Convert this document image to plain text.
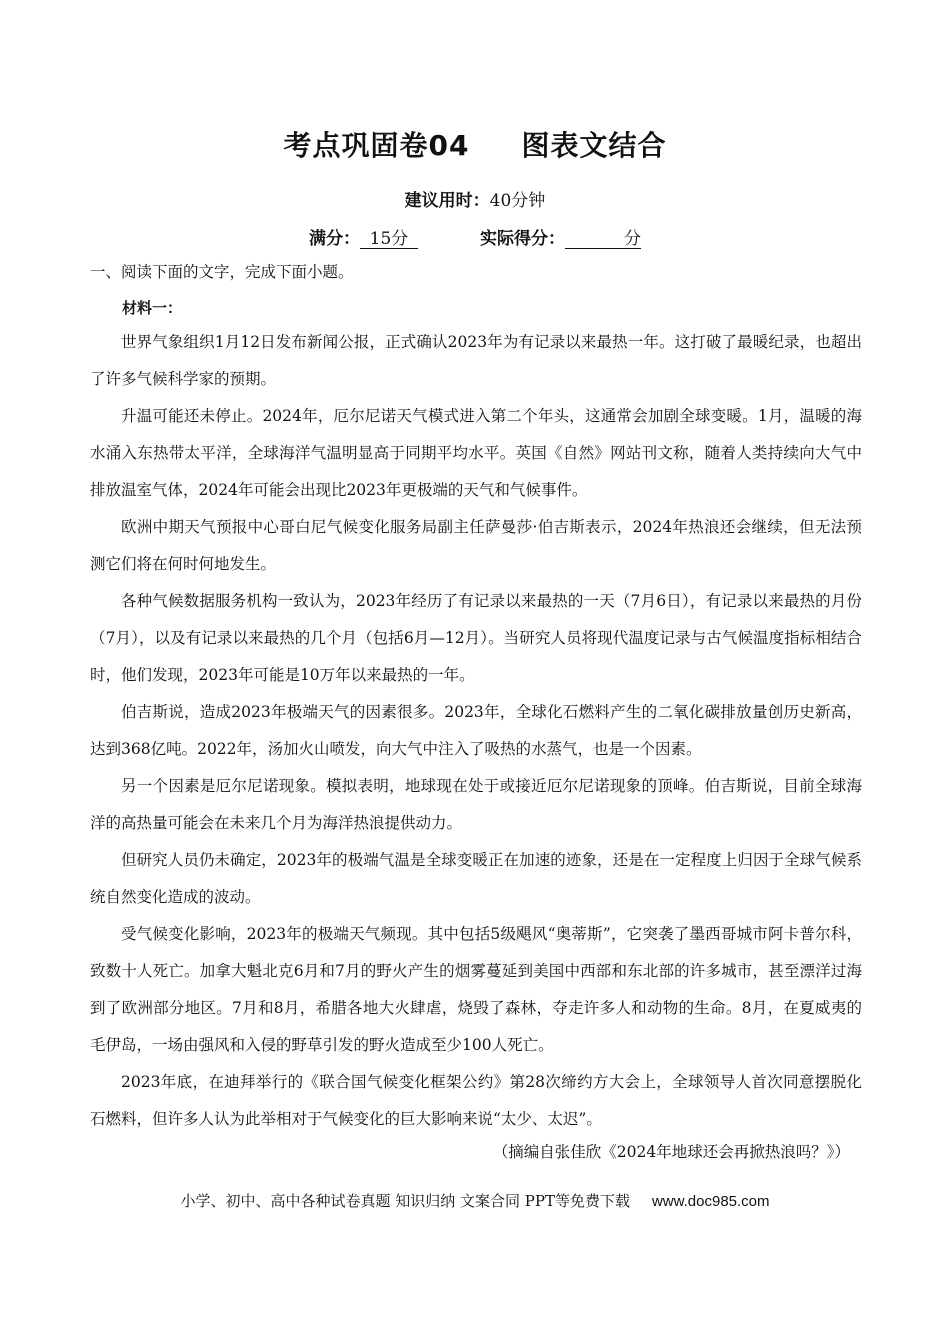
考点巩固卷04 图表文结合
建议用时：40分钟
满分： 15分	实际得分：	分
一、阅读下面的文字，完成下面小题。
材料一：

世界气象组织1月12日发布新闻公报，正式确认2023年为有记录以来最热一年。这打破了最暖纪录，也超出了许多气候科学家的预期。

升温可能还未停止。2024年，厄尔尼诺天气模式进入第二个年头，这通常会加剧全球变暖。1月，温暖的海水涌入东热带太平洋，全球海洋气温明显高于同期平均水平。英国《自然》网站刊文称，随着人类持续向大气中排放温室气体，2024年可能会出现比2023年更极端的天气和气候事件。

欧洲中期天气预报中心哥白尼气候变化服务局副主任萨曼莎·伯吉斯表示，2024年热浪还会继续，但无法预测它们将在何时何地发生。

各种气候数据服务机构一致认为，2023年经历了有记录以来最热的一天（7月6日），有记录以来最热的月份（7月），以及有记录以来最热的几个月（包括6月—12月）。当研究人员将现代温度记录与古气候温度指标相结合时，他们发现，2023年可能是10万年以来最热的一年。

伯吉斯说，造成2023年极端天气的因素很多。2023年，全球化石燃料产生的二氧化碳排放量创历史新高，达到368亿吨。2022年，汤加火山喷发，向大气中注入了吸热的水蒸气，也是一个因素。

另一个因素是厄尔尼诺现象。模拟表明，地球现在处于或接近厄尔尼诺现象的顶峰。伯吉斯说，目前全球海洋的高热量可能会在未来几个月为海洋热浪提供动力。

但研究人员仍未确定，2023年的极端气温是全球变暖正在加速的迹象，还是在一定程度上归因于全球气候系统自然变化造成的波动。

受气候变化影响，2023年的极端天气频现。其中包括5级飓风“奥蒂斯”，它突袭了墨西哥城市阿卡普尔科，致数十人死亡。加拿大魁北克6月和7月的野火产生的烟雾蔓延到美国中西部和东北部的许多城市，甚至漂洋过海到了欧洲部分地区。7月和8月，希腊各地大火肆虐，烧毁了森林，夺走许多人和动物的生命。8月，在夏威夷的毛伊岛，一场由强风和入侵的野草引发的野火造成至少100人死亡。

2023年底，在迪拜举行的《联合国气候变化框架公约》第28次缔约方大会上，全球领导人首次同意摆脱化石燃料，但许多人认为此举相对于气候变化的巨大影响来说“太少、太迟”。

（摘编自张佳欣《2024年地球还会再掀热浪吗？》）
小学、初中、高中各种试卷真题 知识归纳 文案合同 PPT等免费下载 www.doc985.com
